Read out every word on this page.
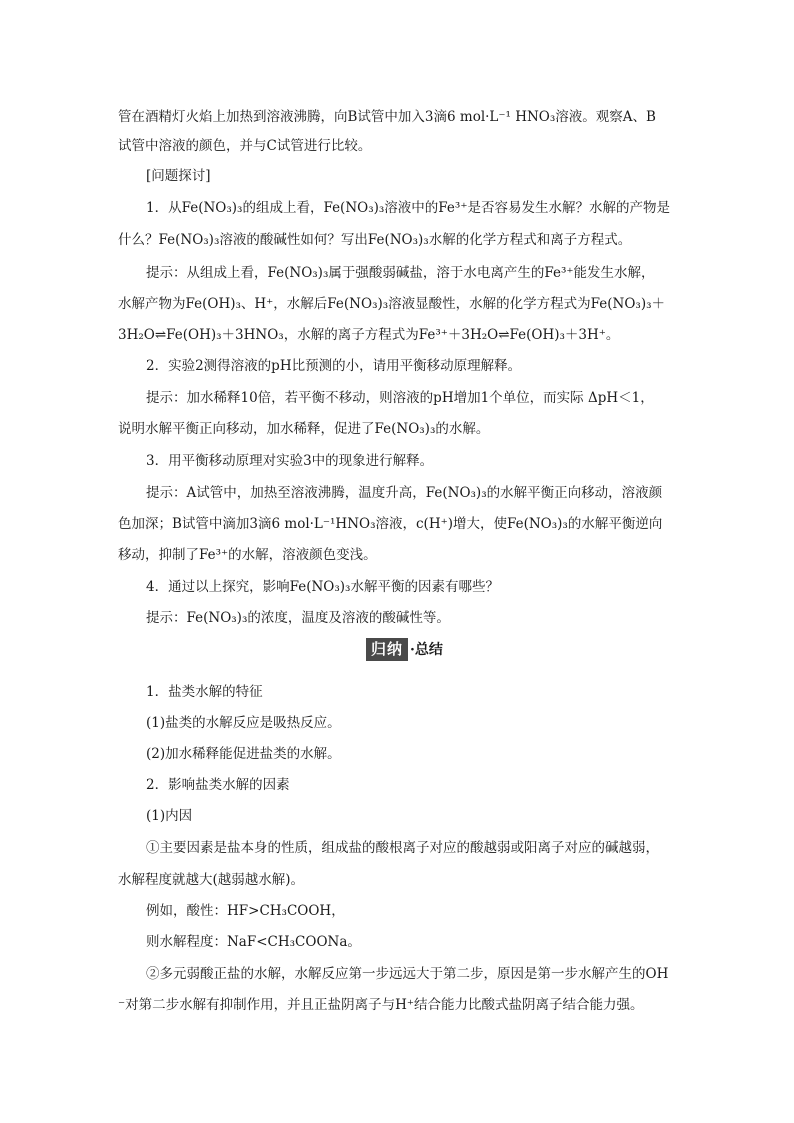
管在酒精灯火焰上加热到溶液沸腾，向B试管中加入3滴6 mol·L⁻¹ HNO₃溶液。观察A、B
试管中溶液的颜色，并与C试管进行比较。
[问题探讨]
1．从Fe(NO₃)₃的组成上看，Fe(NO₃)₃溶液中的Fe³⁺是否容易发生水解？水解的产物是
什么？Fe(NO₃)₃溶液的酸碱性如何？写出Fe(NO₃)₃水解的化学方程式和离子方程式。
提示：从组成上看，Fe(NO₃)₃属于强酸弱碱盐，溶于水电离产生的Fe³⁺能发生水解，
水解产物为Fe(OH)₃、H⁺，水解后Fe(NO₃)₃溶液显酸性，水解的化学方程式为Fe(NO₃)₃＋
3H₂O⇌Fe(OH)₃＋3HNO₃，水解的离子方程式为Fe³⁺＋3H₂O⇌Fe(OH)₃＋3H⁺。
2．实验2测得溶液的pH比预测的小，请用平衡移动原理解释。
提示：加水稀释10倍，若平衡不移动，则溶液的pH增加1个单位，而实际 ΔpH＜1，
说明水解平衡正向移动，加水稀释，促进了Fe(NO₃)₃的水解。
3．用平衡移动原理对实验3中的现象进行解释。
提示：A试管中，加热至溶液沸腾，温度升高，Fe(NO₃)₃的水解平衡正向移动，溶液颜
色加深；B试管中滴加3滴6 mol·L⁻¹HNO₃溶液，c(H⁺)增大，使Fe(NO₃)₃的水解平衡逆向
移动，抑制了Fe³⁺的水解，溶液颜色变浅。
4．通过以上探究，影响Fe(NO₃)₃水解平衡的因素有哪些？
提示：Fe(NO₃)₃的浓度，温度及溶液的酸碱性等。
1．盐类水解的特征
(1)盐类的水解反应是吸热反应。
(2)加水稀释能促进盐类的水解。
2．影响盐类水解的因素
(1)内因
①主要因素是盐本身的性质，组成盐的酸根离子对应的酸越弱或阳离子对应的碱越弱，
水解程度就越大(越弱越水解)。
例如，酸性：HF>CH₃COOH，
则水解程度：NaF<CH₃COONa。
②多元弱酸正盐的水解，水解反应第一步远远大于第二步，原因是第一步水解产生的OH
⁻对第二步水解有抑制作用，并且正盐阴离子与H⁺结合能力比酸式盐阴离子结合能力强。
归纳 ·总结
